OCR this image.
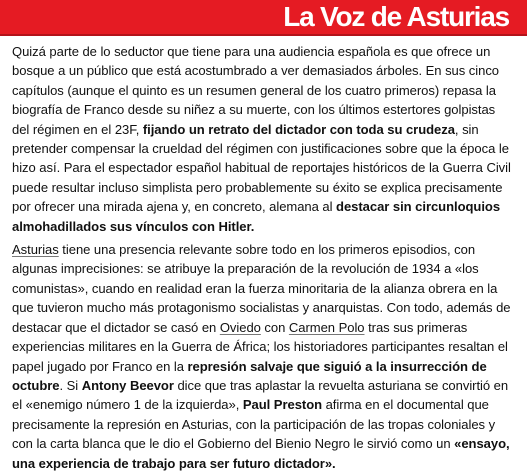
La Voz de Asturias

Quizá parte de lo seductor que tiene para una audiencia española es que ofrece un bosque a un público que está acostumbrado a ver demasiados árboles. En sus cinco capítulos (aunque el quinto es un resumen general de los cuatro primeros) repasa la biografía de Franco desde su niñez a su muerte, con los últimos estertores golpistas del régimen en el 23F, fijando un retrato del dictador con toda su crudeza, sin pretender compensar la crueldad del régimen con justificaciones sobre que la época le hizo así. Para el espectador español habitual de reportajes históricos de la Guerra Civil puede resultar incluso simplista pero probablemente su éxito se explica precisamente por ofrecer una mirada ajena y, en concreto, alemana al destacar sin circunloquios almohadillados sus vínculos con Hitler.

Asturias tiene una presencia relevante sobre todo en los primeros episodios, con algunas imprecisiones: se atribuye la preparación de la revolución de 1934 a «los comunistas», cuando en realidad eran la fuerza minoritaria de la alianza obrera en la que tuvieron mucho más protagonismo socialistas y anarquistas. Con todo, además de destacar que el dictador se casó en Oviedo con Carmen Polo tras sus primeras experiencias militares en la Guerra de África; los historiadores participantes resaltan el papel jugado por Franco en la represión salvaje que siguió a la insurrección de octubre. Si Antony Beevor dice que tras aplastar la revuelta asturiana se convirtió en el «enemigo número 1 de la izquierda», Paul Preston afirma en el documental que precisamente la represión en Asturias, con la participación de las tropas coloniales y con la carta blanca que le dio el Gobierno del Bienio Negro le sirvió como un «ensayo, una experiencia de trabajo para ser futuro dictador».
